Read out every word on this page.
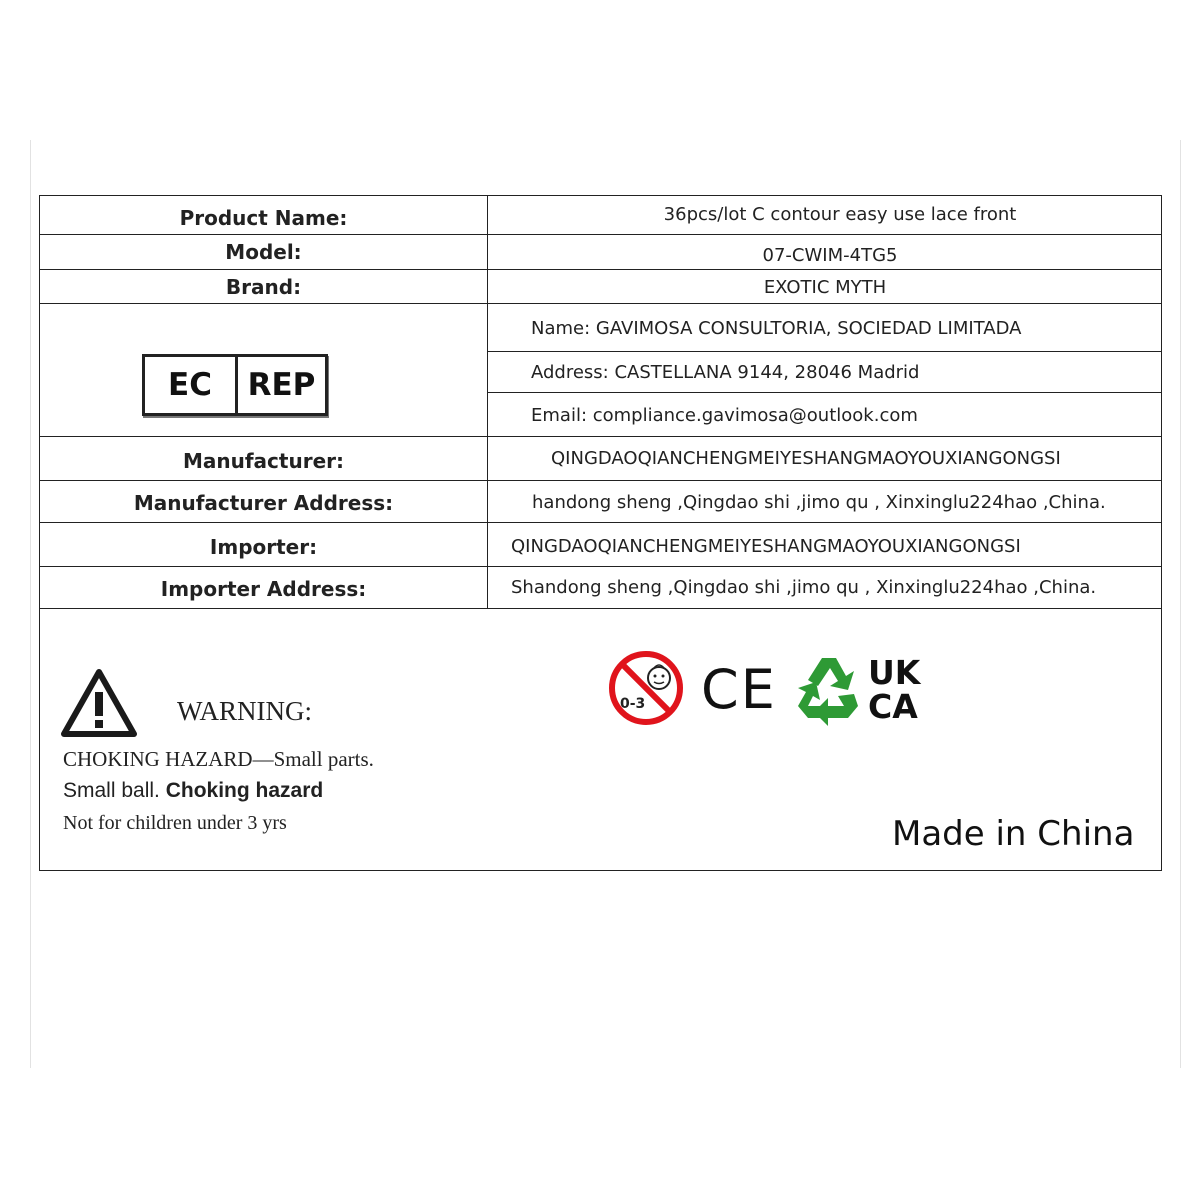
Product Name:	36pcs/lot C contour easy use lace front
Model:	07-CWIM-4TG5
Brand:	EXOTIC MYTH
EC	REP
Name: GAVIMOSA CONSULTORIA, SOCIEDAD LIMITADA
Address: CASTELLANA 9144, 28046 Madrid
Email: compliance.gavimosa@outlook.com
Manufacturer:	QINGDAOQIANCHENGMEIYESHANGMAOYOUXIANGONGSI
Manufacturer Address:	handong sheng ,Qingdao shi ,jimo qu , Xinxinglu224hao ,China.
Importer:	QINGDAOQIANCHENGMEIYESHANGMAOYOUXIANGONGSI
Importer Address:	Shandong sheng ,Qingdao shi ,jimo qu , Xinxinglu224hao ,China.
WARNING:
CHOKING HAZARD—Small parts.
Small ball. Choking hazard
Not for children under 3 yrs
0-3 CE	UK
CA
Made in China
